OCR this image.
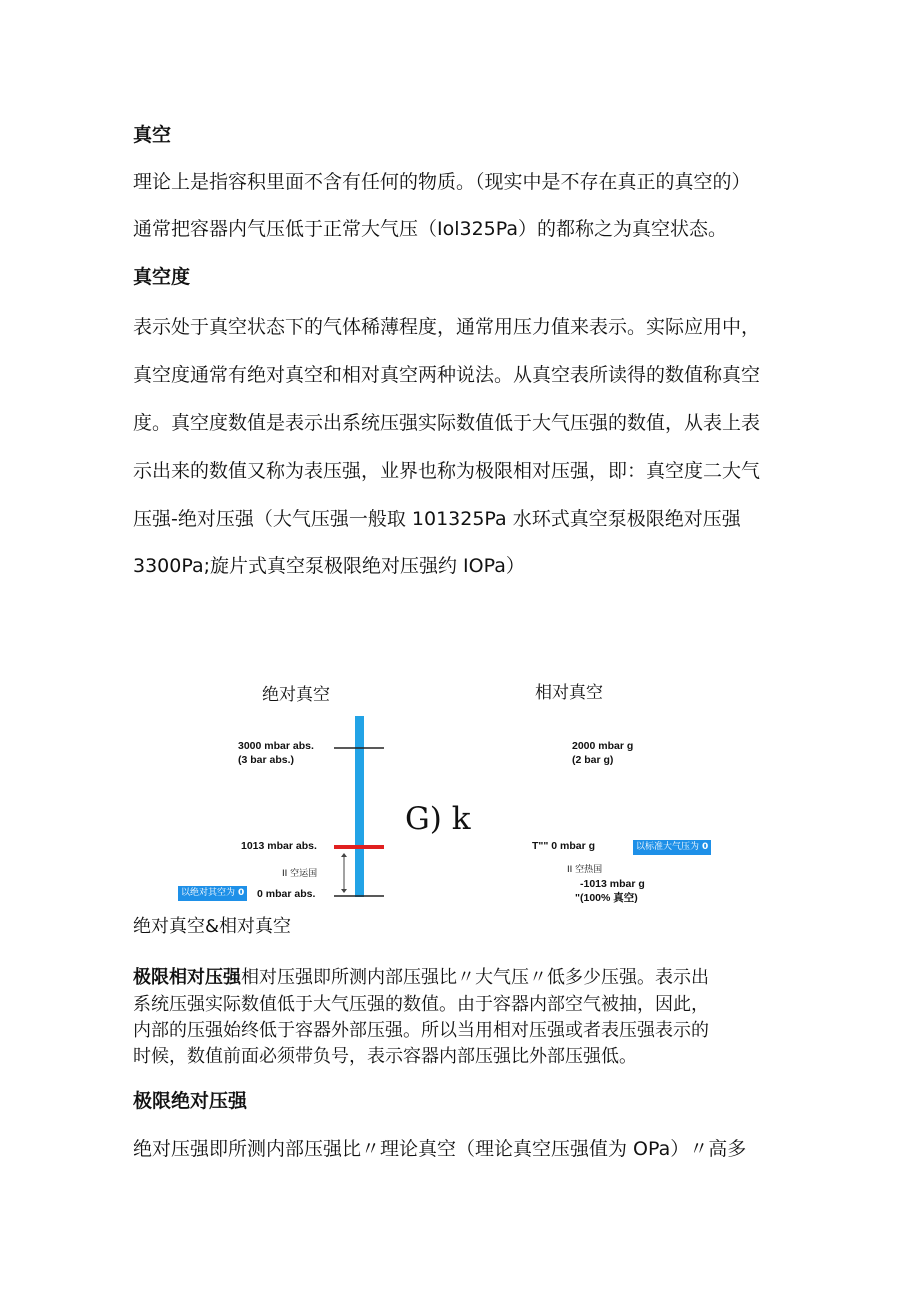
真空
理论上是指容积里面不含有任何的物质。（现实中是不存在真正的真空的）
通常把容器内气压低于正常大气压（Iol325Pa）的都称之为真空状态。
真空度
表示处于真空状态下的气体稀薄程度，通常用压力值来表示。实际应用中，
真空度通常有绝对真空和相对真空两种说法。从真空表所读得的数值称真空
度。真空度数值是表示出系统压强实际数值低于大气压强的数值，从表上表
示出来的数值又称为表压强，业界也称为极限相对压强，即：真空度二大气
压强-绝对压强（大气压强一般取 101325Pa 水环式真空泵极限绝对压强
3300Pa;旋片式真空泵极限绝对压强约 IOPa）
绝对真空	相对真空
3000 mbar abs.
(3 bar abs.)
1013 mbar abs.
II 空运国
以绝对其空为 0 0 mbar abs.
G) k
2000 mbar g
(2 bar g)
T"" 0 mbar g	以标准大气压为 0
II 空热国
-1013 mbar g
"(100% 真空)
绝对真空&相对真空
极限相对压强相对压强即所测内部压强比〃大气压〃低多少压强。表示出
系统压强实际数值低于大气压强的数值。由于容器内部空气被抽，因此，
内部的压强始终低于容器外部压强。所以当用相对压强或者表压强表示的
时候，数值前面必须带负号，表示容器内部压强比外部压强低。
极限绝对压强
绝对压强即所测内部压强比〃理论真空（理论真空压强值为 OPa）〃高多
